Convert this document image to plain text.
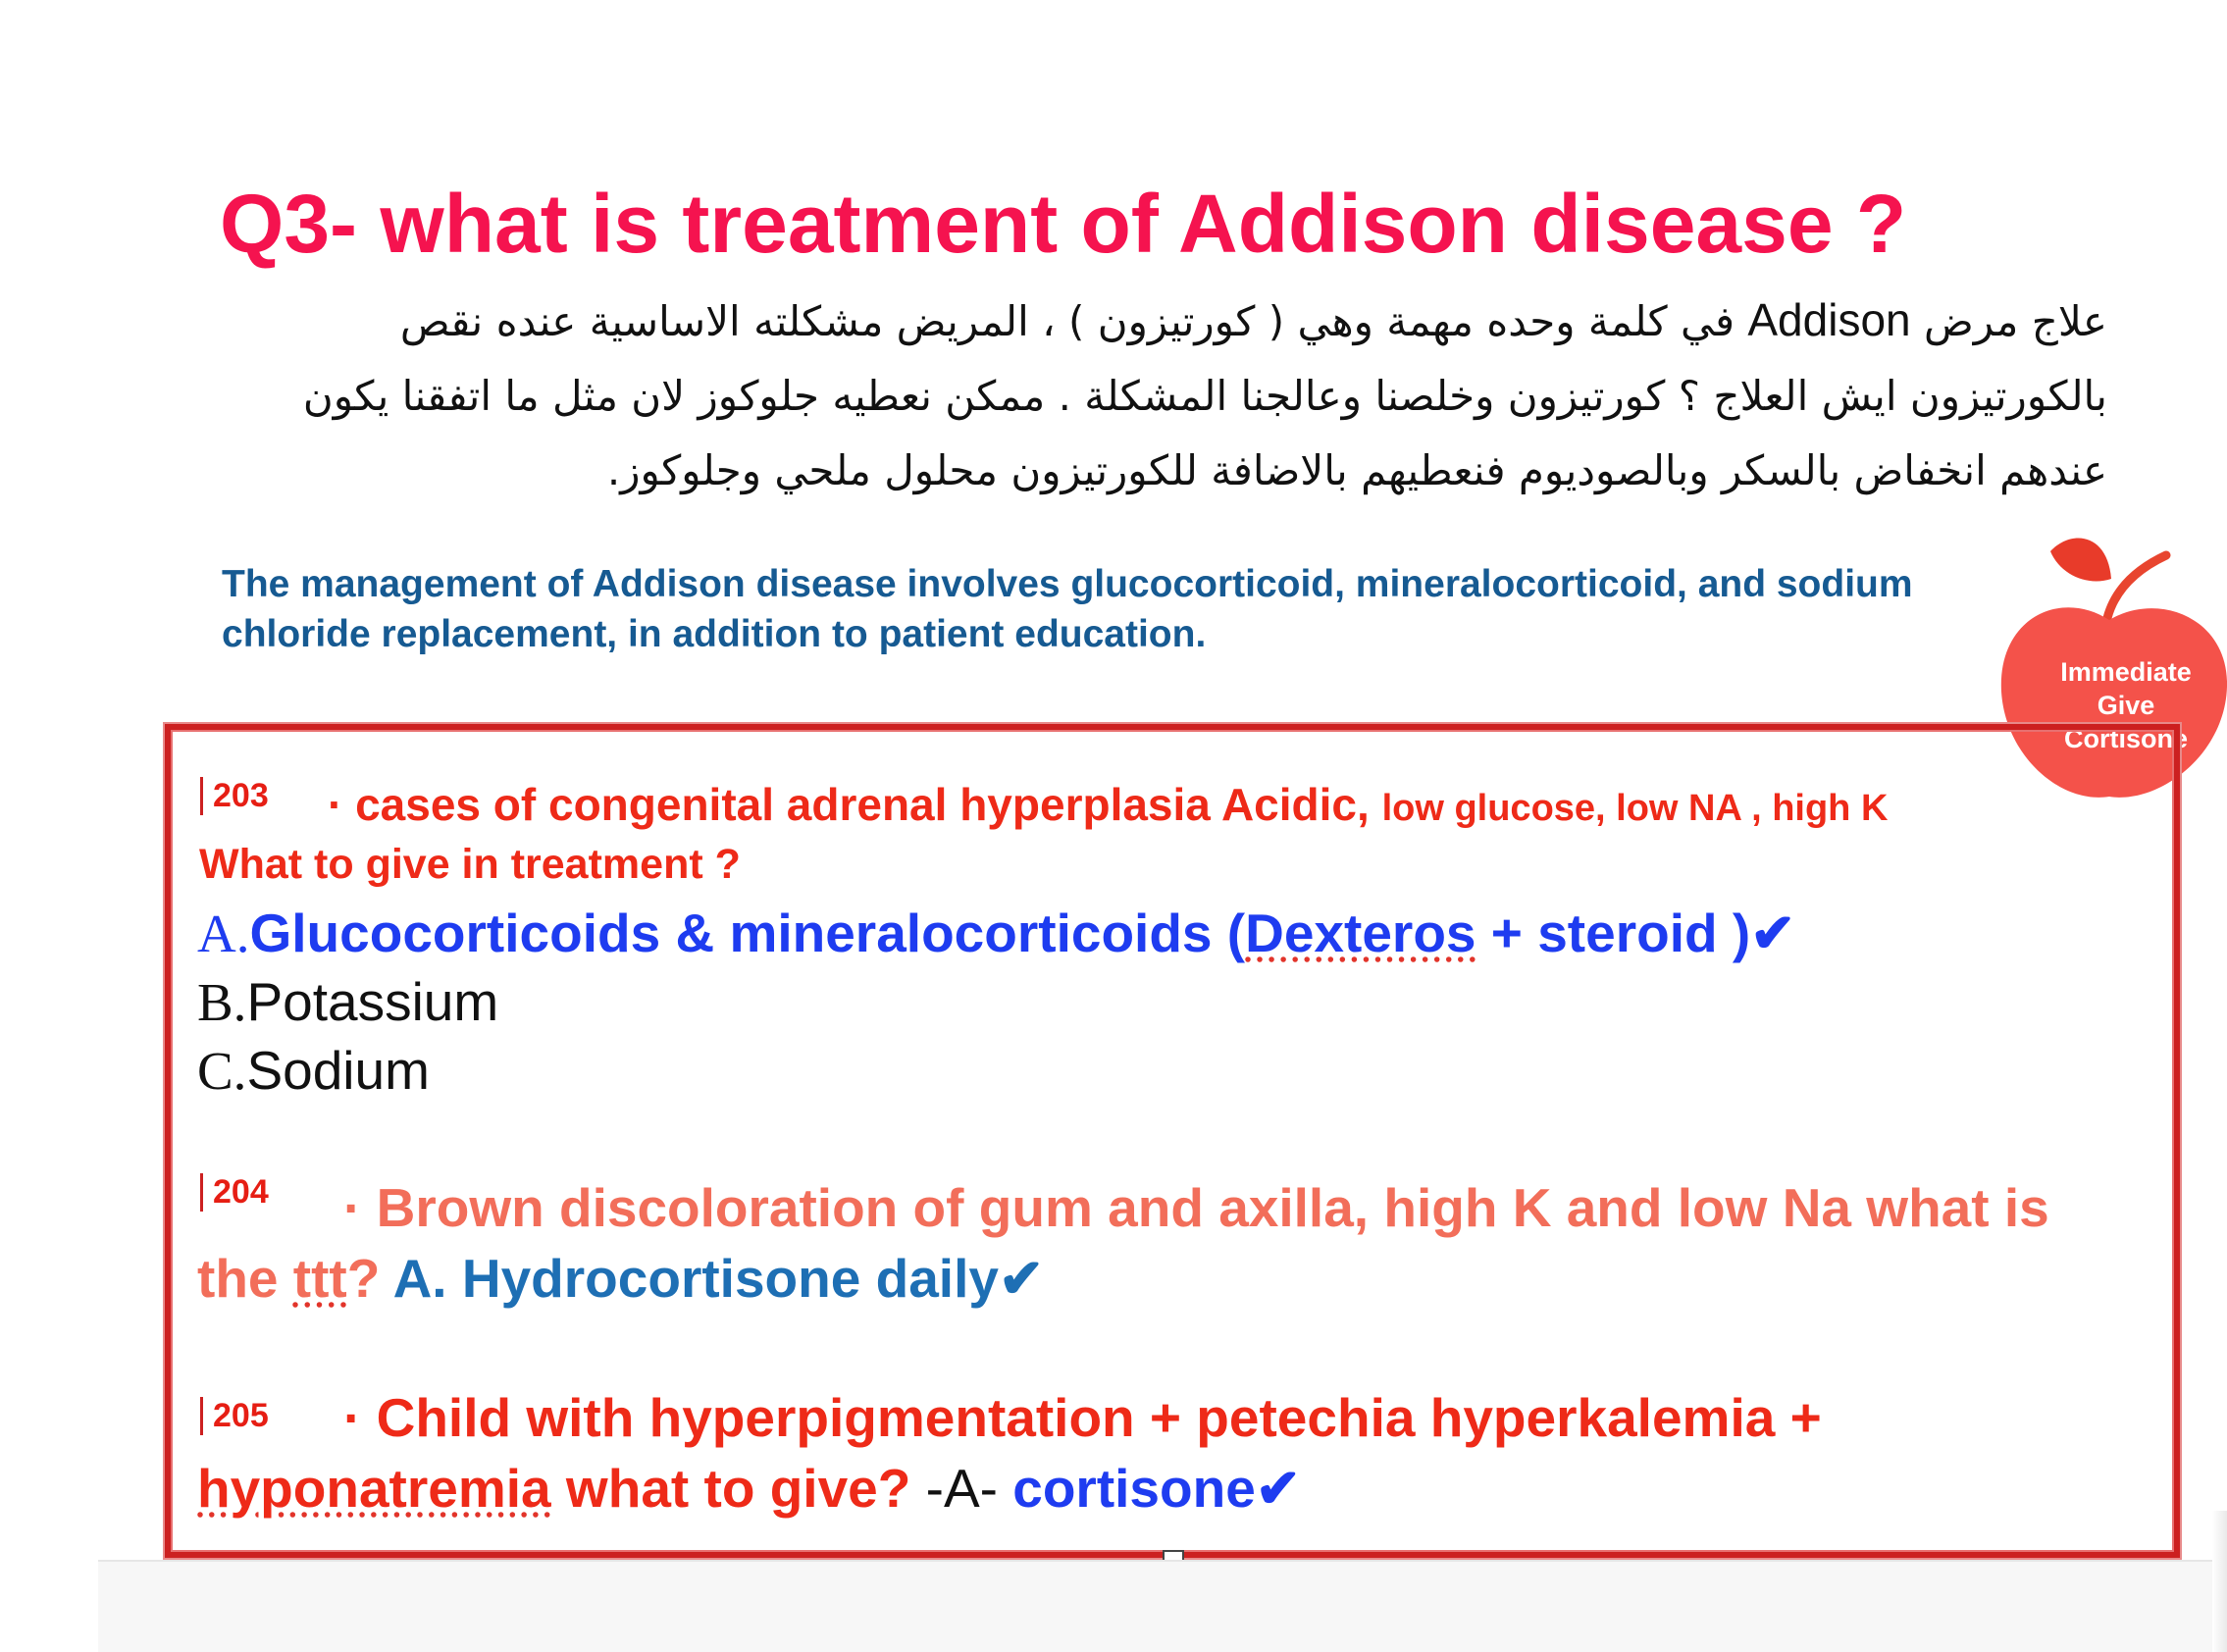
Q3- what is treatment of Addison disease ?

علاج مرض Addison في كلمة وحده مهمة وهي ( كورتيزون ) ، المريض مشكلته الاساسية عنده نقص بالكورتيزون ايش العلاج ؟ كورتيزون وخلصنا وعالجنا المشكلة . ممكن نعطيه جلوكوز لان مثل ما اتفقنا يكون عندهم انخفاض بالسكر وبالصوديوم فنعطيهم بالاضافة للكورتيزون محلول ملحي وجلوكوز.

The management of Addison disease involves glucocorticoid, mineralocorticoid, and sodium chloride replacement, in addition to patient education.

Immediate
Give
Cortisone

203 · cases of congenital adrenal hyperplasia Acidic, low glucose, low NA , high K

What to give in treatment ?

A.Glucocorticoids & mineralocorticoids (Dexteros + steroid )✔

B.Potassium

C.Sodium

204 · Brown discoloration of gum and axilla, high K and low Na what is

the ttt? A. Hydrocortisone daily✔

205 · Child with hyperpigmentation + petechia hyperkalemia +

hyponatremia what to give? -A- cortisone✔
